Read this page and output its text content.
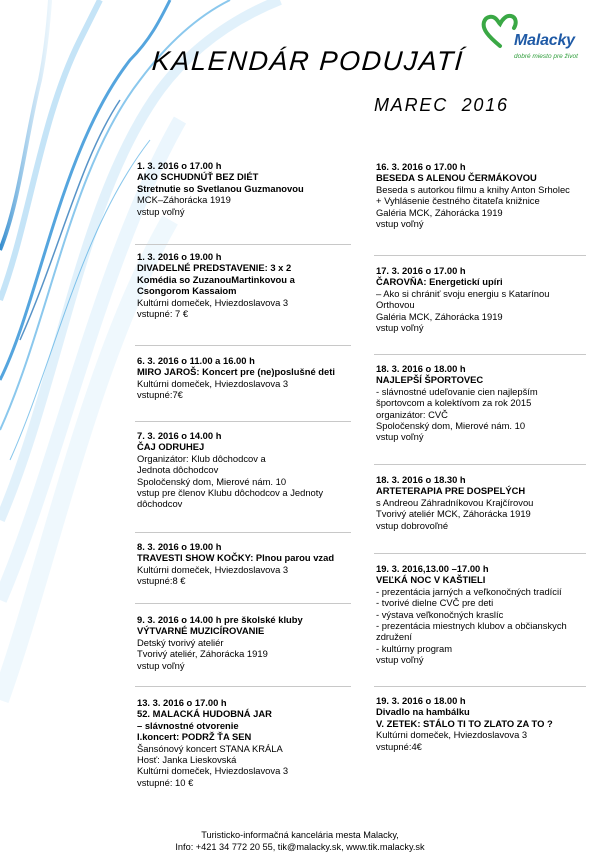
Malacky
dobré miesto pre život
KALENDÁR PODUJATÍ
MAREC  2016
1. 3. 2016 o 17.00 h
AKO SCHUDNÚŤ BEZ DIÉT
Stretnutie so Svetlanou Guzmanovou
MCK–Záhorácka 1919
vstup voľný
1. 3. 2016 o 19.00 h
DIVADELNÉ PREDSTAVENIE: 3 x 2
Komédia so ZuzanouMartinkovou a
Csongorom Kassaiom
Kultúrni domeček, Hviezdoslavova 3
vstupné: 7 €
6. 3. 2016 o 11.00 a 16.00 h
MIRO JAROŠ: Koncert pre (ne)poslušné deti
Kultúrni domeček, Hviezdoslavova 3
vstupné:7€
7. 3. 2016 o 14.00 h
ČAJ ODRUHEJ
Organizátor: Klub dôchodcov a
Jednota dôchodcov
Spoločenský dom, Mierové nám. 10
vstup pre členov Klubu dôchodcov a Jednoty
dôchodcov
8. 3. 2016 o 19.00 h
TRAVESTI SHOW KOČKY: Plnou parou vzad
Kultúrni domeček, Hviezdoslavova 3
vstupné:8 €
9. 3. 2016 o 14.00 h pre školské kluby
VÝTVARNÉ MUZICÍROVANIE
Detský tvorivý ateliér
Tvorivý ateliér, Záhorácka 1919
vstup voľný
13. 3. 2016 o 17.00 h
52. MALACKÁ HUDOBNÁ JAR
– slávnostné otvorenie
I.koncert: PODRŽ ŤA SEN
Šansónový koncert STANA KRÁLA
Hosť: Janka Lieskovská
Kultúrni domeček, Hviezdoslavova 3
vstupné: 10 €
16. 3. 2016 o 17.00 h
BESEDA S ALENOU ČERMÁKOVOU
Beseda s autorkou filmu a knihy Anton Srholec
+ Vyhlásenie čestného čitateľa knižnice
Galéria MCK, Záhorácka 1919
vstup voľný
17. 3. 2016 o 17.00 h
ČAROVŇA: Energetickí upíri
– Ako si chrániť svoju energiu s Katarínou
Orthovou
Galéria MCK, Záhorácka 1919
vstup voľný
18. 3. 2016 o 18.00 h
NAJLEPŠÍ ŠPORTOVEC
- slávnostné udeľovanie cien najlepším
športovcom a kolektívom za rok 2015
organizátor: CVČ
Spoločenský dom, Mierové nám. 10
vstup voľný
18. 3. 2016 o 18.30 h
ARTETERAPIA PRE DOSPELÝCH
s Andreou Záhradníkovou Krajčírovou
Tvorivý ateliér MCK, Záhorácka 1919
vstup dobrovoľné
19. 3. 2016,13.00 –17.00 h
VEĽKÁ NOC V KAŠTIELI
- prezentácia jarných a veľkonočných tradícií
- tvorivé dielne CVČ pre deti
- výstava veľkonočných kraslíc
- prezentácia miestnych klubov a občianskych
združení
- kultúrny program
vstup voľný
19. 3. 2016 o 18.00 h
Divadlo na hambálku
V. ZETEK: STÁLO TI TO ZLATO ZA TO ?
Kultúrni domeček, Hviezdoslavova 3
vstupné:4€
Turisticko-informačná kancelária mesta Malacky,
Info: +421 34 772 20 55, tik@malacky.sk, www.tik.malacky.sk
